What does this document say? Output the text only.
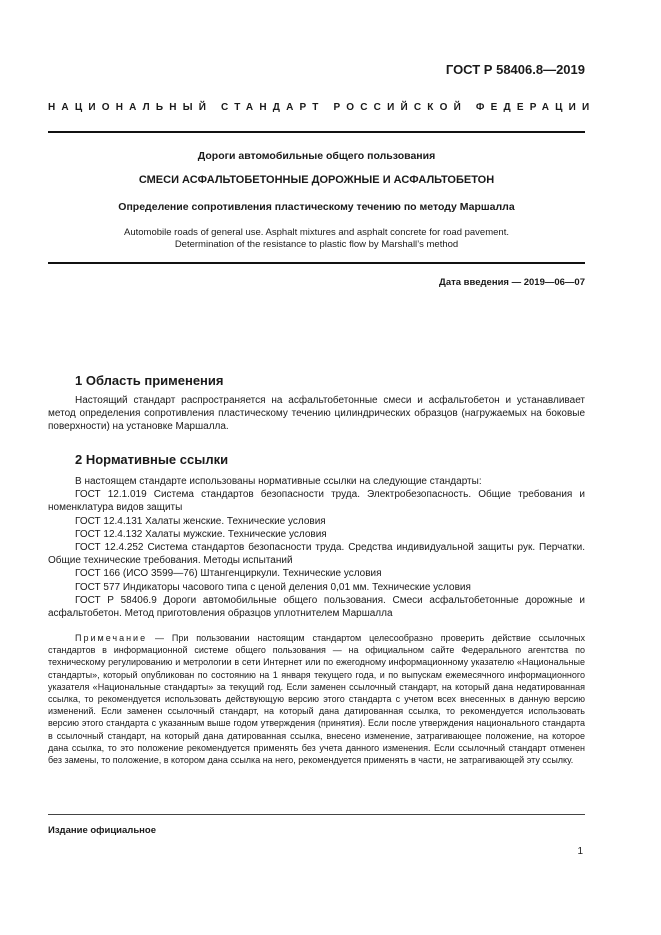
ГОСТ Р 58406.8—2019
НАЦИОНАЛЬНЫЙ СТАНДАРТ РОССИЙСКОЙ ФЕДЕРАЦИИ
Дороги автомобильные общего пользования
СМЕСИ АСФАЛЬТОБЕТОННЫЕ ДОРОЖНЫЕ И АСФАЛЬТОБЕТОН
Определение сопротивления пластическому течению по методу Маршалла
Automobile roads of general use. Asphalt mixtures and asphalt concrete for road pavement.
Determination of the resistance to plastic flow by Marshall’s method
Дата введения — 2019—06—07
1 Область применения
Настоящий стандарт распространяется на асфальтобетонные смеси и асфальтобетон и устанавливает метод определения сопротивления пластическому течению цилиндрических образцов (нагружаемых на боковые поверхности) на установке Маршалла.
2 Нормативные ссылки

В настоящем стандарте использованы нормативные ссылки на следующие стандарты:

ГОСТ 12.1.019 Система стандартов безопасности труда. Электробезопасность. Общие требования и номенклатура видов защиты

ГОСТ 12.4.131 Халаты женские. Технические условия

ГОСТ 12.4.132 Халаты мужские. Технические условия

ГОСТ 12.4.252 Система стандартов безопасности труда. Средства индивидуальной защиты рук. Перчатки. Общие технические требования. Методы испытаний

ГОСТ 166 (ИСО 3599—76) Штангенциркули. Технические условия

ГОСТ 577 Индикаторы часового типа с ценой деления 0,01 мм. Технические условия

ГОСТ Р 58406.9 Дороги автомобильные общего пользования. Смеси асфальтобетонные дорожные и асфальтобетон. Метод приготовления образцов уплотнителем Маршалла

Примечание — При пользовании настоящим стандартом целесообразно проверить действие ссылочных стандартов в информационной системе общего пользования — на официальном сайте Федерального агентства по техническому регулированию и метрологии в сети Интернет или по ежегодному информационному указателю «Национальные стандарты», который опубликован по состоянию на 1 января текущего года, и по выпускам ежемесячного информационного указателя «Национальные стандарты» за текущий год. Если заменен ссылочный стандарт, на который дана недатированная ссылка, то рекомендуется использовать действующую версию этого стандарта с учетом всех внесенных в данную версию изменений. Если заменен ссылочный стандарт, на который дана датированная ссылка, то рекомендуется использовать версию этого стандарта с указанным выше годом утверждения (принятия). Если после утверждения национального стандарта в ссылочный стандарт, на который дана датированная ссылка, внесено изменение, затрагивающее положение, на которое дана ссылка, то это положение рекомендуется применять без учета данного изменения. Если ссылочный стандарт отменен без замены, то положение, в котором дана ссылка на него, рекомендуется применять в части, не затрагивающей эту ссылку.
Издание официальное
1
